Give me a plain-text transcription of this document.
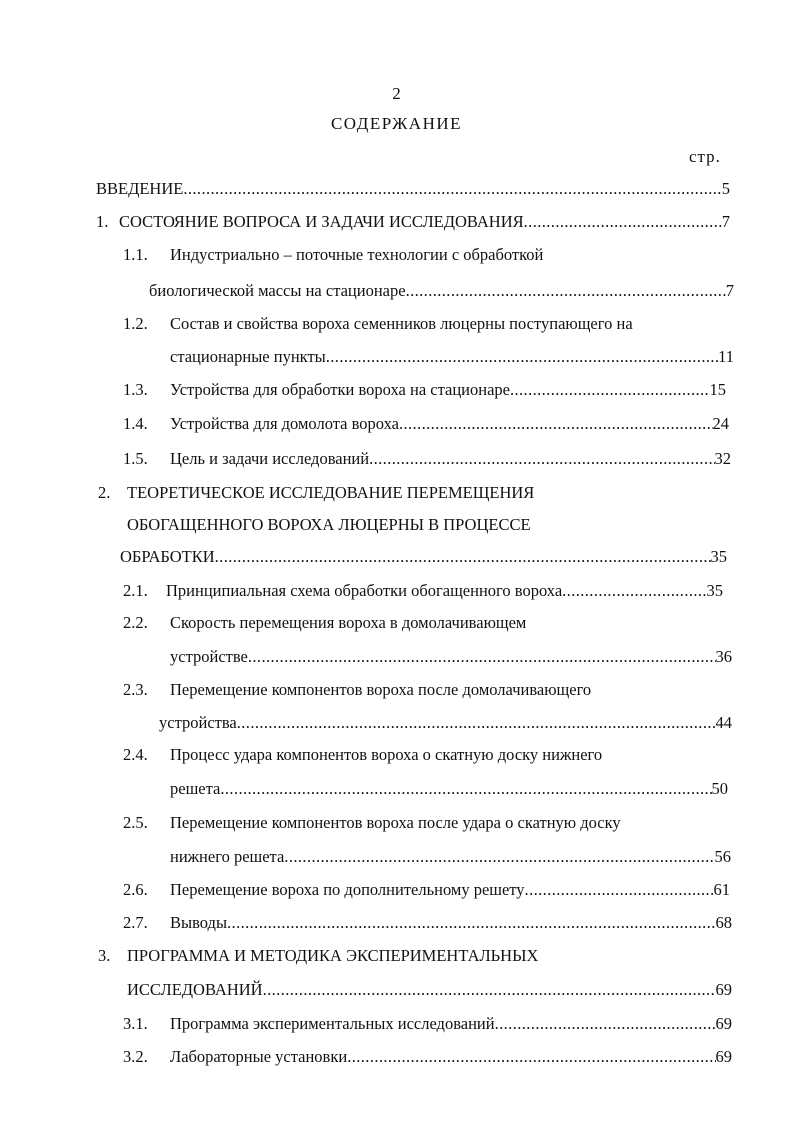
2
СОДЕРЖАНИЕ
стр.
ВВЕДЕНИЕ .....	5
1. СОСТОЯНИЕ ВОПРОСА И ЗАДАЧИ ИССЛЕДОВАНИЯ .....	7
1.1.	Индустриально – поточные технологии с обработкой
биологической массы на стационаре .....	7
1.2.	Состав и свойства вороха семенников люцерны поступающего на
стационарные пункты .....	11
1.3.	Устройства для обработки вороха на стационаре .....	15
1.4.	Устройства для домолота вороха .....	24
1.5.	Цель и задачи исследований .....	32
2.	ТЕОРЕТИЧЕСКОЕ ИССЛЕДОВАНИЕ ПЕРЕМЕЩЕНИЯ
ОБОГАЩЕННОГО ВОРОХА ЛЮЦЕРНЫ В ПРОЦЕССЕ
ОБРАБОТКИ .....	35
2.1.	Принципиальная схема обработки обогащенного вороха .....	35
2.2.	Скорость перемещения вороха в домолачивающем
устройстве .....	36
2.3.	Перемещение компонентов вороха после домолачивающего
устройства .....	44
2.4.	Процесс удара компонентов вороха о скатную доску нижнего
решета .....	50
2.5.	Перемещение компонентов вороха после удара о скатную доску
нижнего решета .....	56
2.6.	Перемещение вороха по дополнительному решету .....	61
2.7.	Выводы .....	68
3.	ПРОГРАММА И МЕТОДИКА ЭКСПЕРИМЕНТАЛЬНЫХ
ИССЛЕДОВАНИЙ .....	69
3.1.	Программа экспериментальных исследований .....	69
3.2.	Лабораторные установки .....	69
